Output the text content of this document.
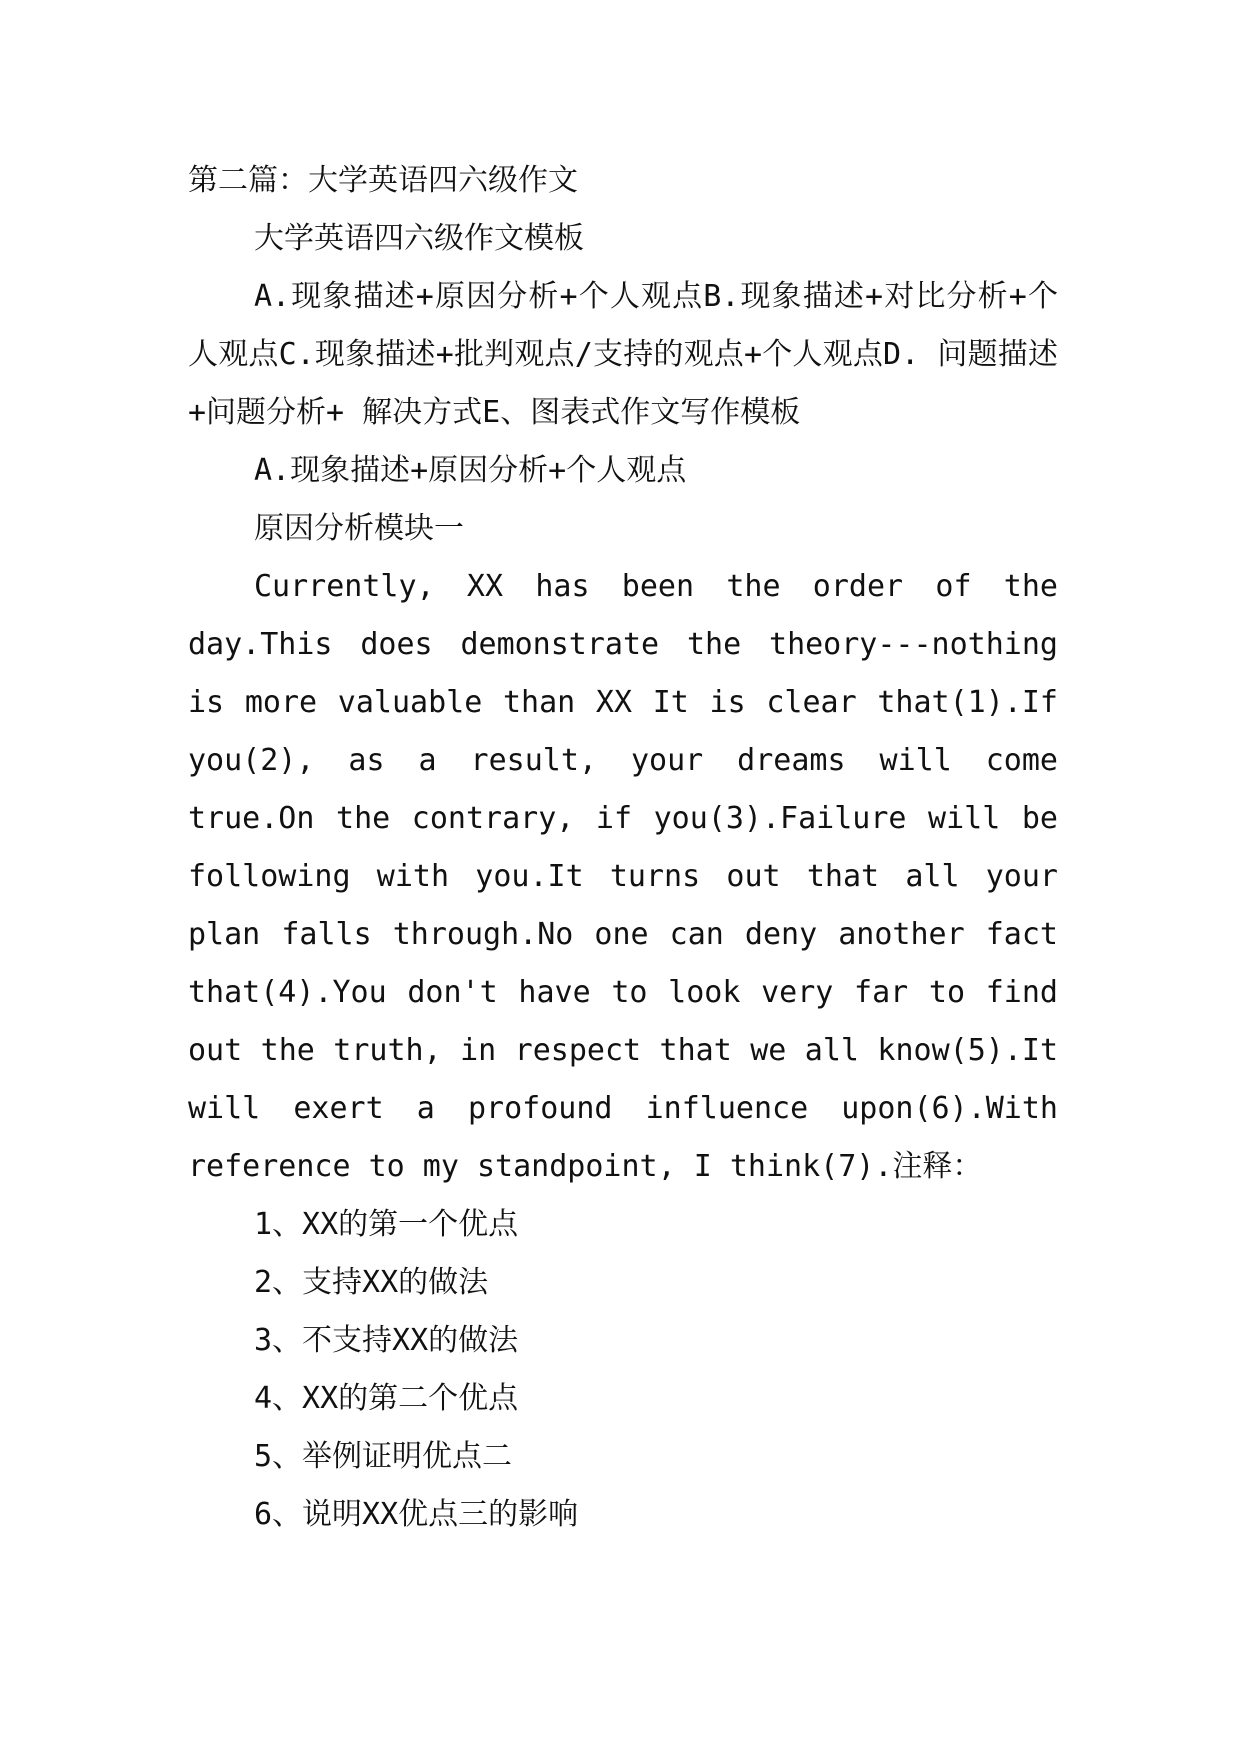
第二篇：大学英语四六级作文
大学英语四六级作文模板

A.现象描述+原因分析+个人观点B.现象描述+对比分析+个人观点C.现象描述+批判观点/支持的观点+个人观点D. 问题描述+问题分析+ 解决方式E、图表式作文写作模板

A.现象描述+原因分析+个人观点
原因分析模块一

Currently, XX has been the order of the day.This does demonstrate the theory---nothing is more valuable than XX It is clear that(1).If you(2), as a result, your dreams will come true.On the contrary, if you(3).Failure will be following with you.It turns out that all your plan falls through.No one can deny another fact that(4).You don't have to look very far to find out the truth, in respect that we all know(5).It will exert a profound influence upon(6).With reference to my standpoint, I think(7).注释：

1、XX的第一个优点
2、支持XX的做法
3、不支持XX的做法
4、XX的第二个优点
5、举例证明优点二
6、说明XX优点三的影响
